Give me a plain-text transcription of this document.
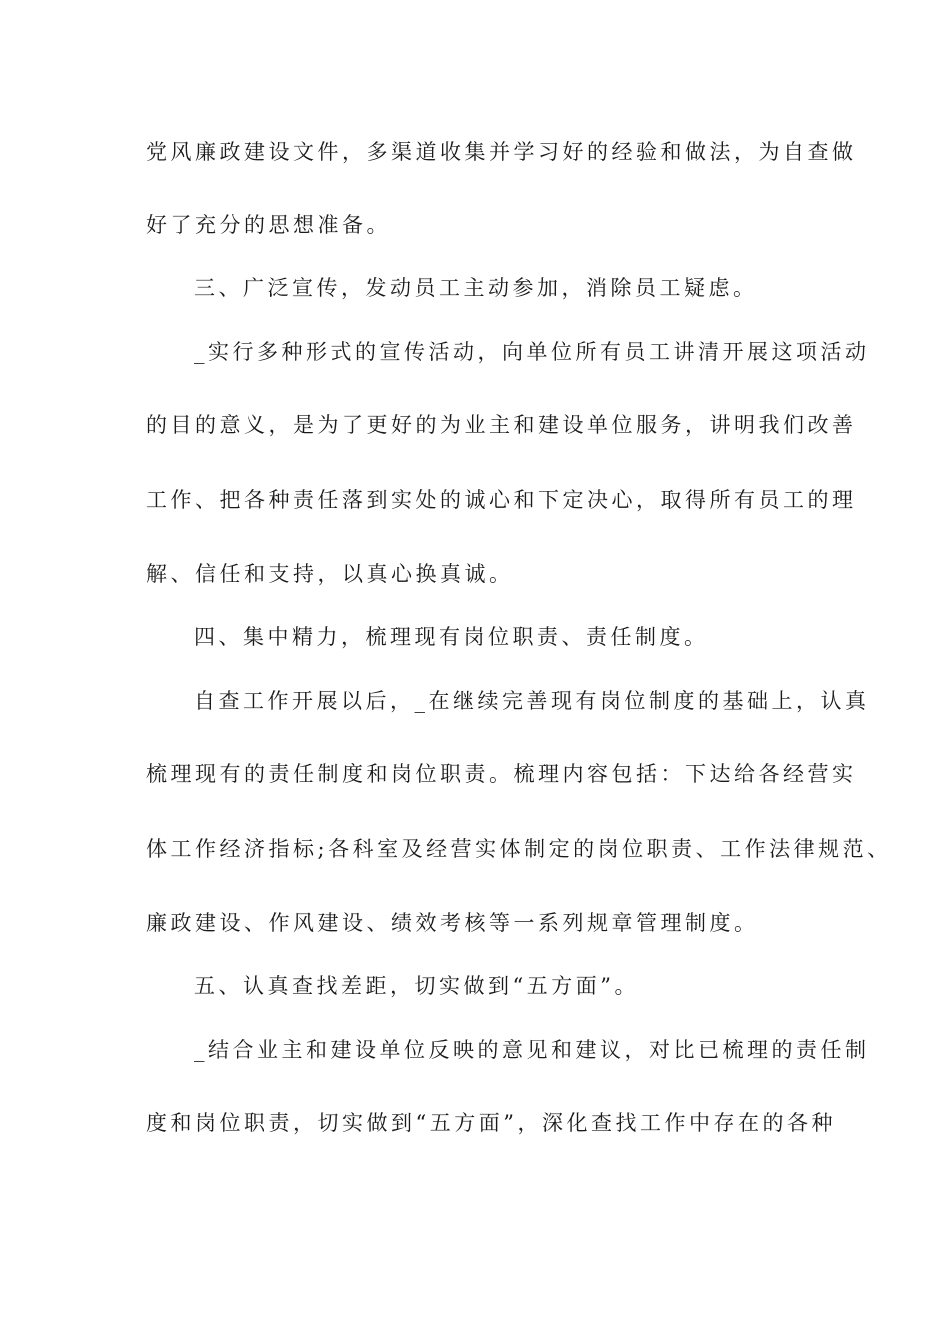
党风廉政建设文件，多渠道收集并学习好的经验和做法，为自查做
好了充分的思想准备。
三、广泛宣传，发动员工主动参加，消除员工疑虑。
_实行多种形式的宣传活动，向单位所有员工讲清开展这项活动
的目的意义，是为了更好的为业主和建设单位服务，讲明我们改善
工作、把各种责任落到实处的诚心和下定决心，取得所有员工的理
解、信任和支持，以真心换真诚。
四、集中精力，梳理现有岗位职责、责任制度。
自查工作开展以后，_在继续完善现有岗位制度的基础上，认真
梳理现有的责任制度和岗位职责。梳理内容包括：下达给各经营实
体工作经济指标;各科室及经营实体制定的岗位职责、工作法律规范、
廉政建设、作风建设、绩效考核等一系列规章管理制度。
五、认真查找差距，切实做到“五方面”。
_结合业主和建设单位反映的意见和建议，对比已梳理的责任制
度和岗位职责，切实做到“五方面”，深化查找工作中存在的各种
